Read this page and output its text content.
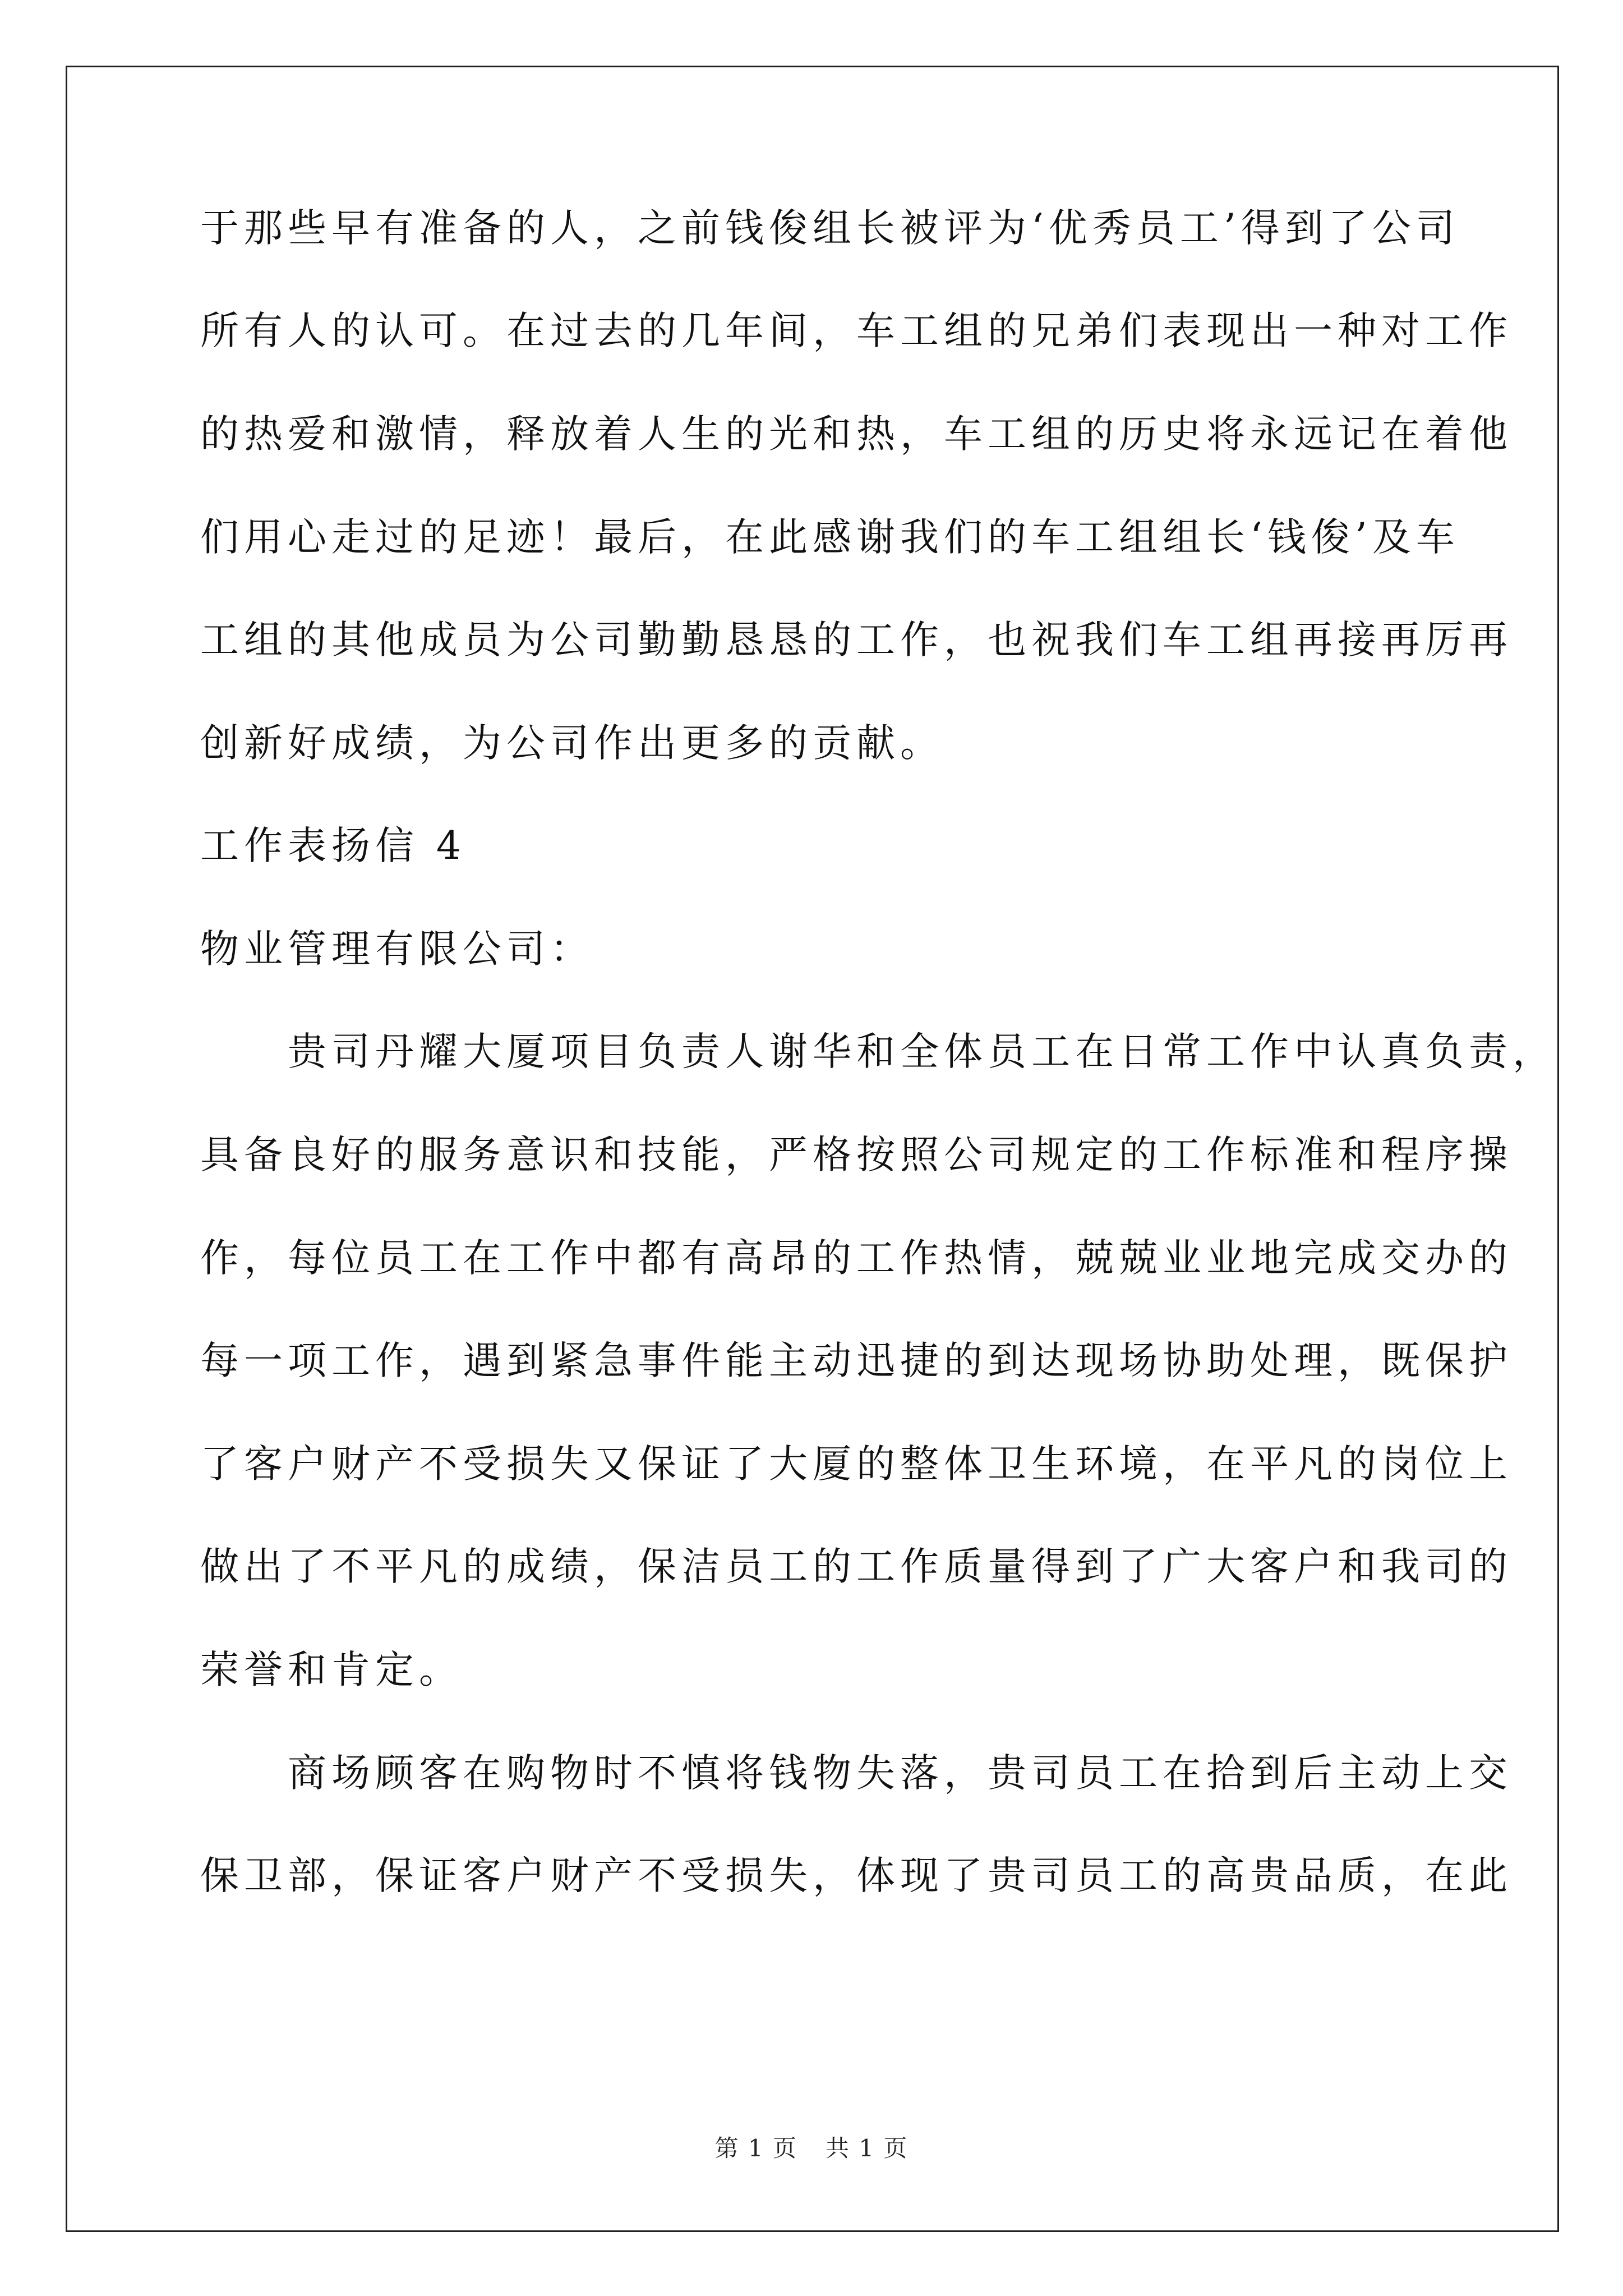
于那些早有准备的人，之前钱俊组长被评为‘优秀员工’得到了公司
所有人的认可。在过去的几年间，车工组的兄弟们表现出一种对工作
的热爱和激情，释放着人生的光和热，车工组的历史将永远记在着他
们用心走过的足迹！最后，在此感谢我们的车工组组长‘钱俊’及车
工组的其他成员为公司勤勤恳恳的工作，也祝我们车工组再接再厉再
创新好成绩，为公司作出更多的贡献。
工作表扬信 4
物业管理有限公司：
　　贵司丹耀大厦项目负责人谢华和全体员工在日常工作中认真负责，
具备良好的服务意识和技能，严格按照公司规定的工作标准和程序操
作，每位员工在工作中都有高昂的工作热情，兢兢业业地完成交办的
每一项工作，遇到紧急事件能主动迅捷的到达现场协助处理，既保护
了客户财产不受损失又保证了大厦的整体卫生环境，在平凡的岗位上
做出了不平凡的成绩，保洁员工的工作质量得到了广大客户和我司的
荣誉和肯定。
　　商场顾客在购物时不慎将钱物失落，贵司员工在拾到后主动上交
保卫部，保证客户财产不受损失，体现了贵司员工的高贵品质，在此
第 1 页 共 1 页
